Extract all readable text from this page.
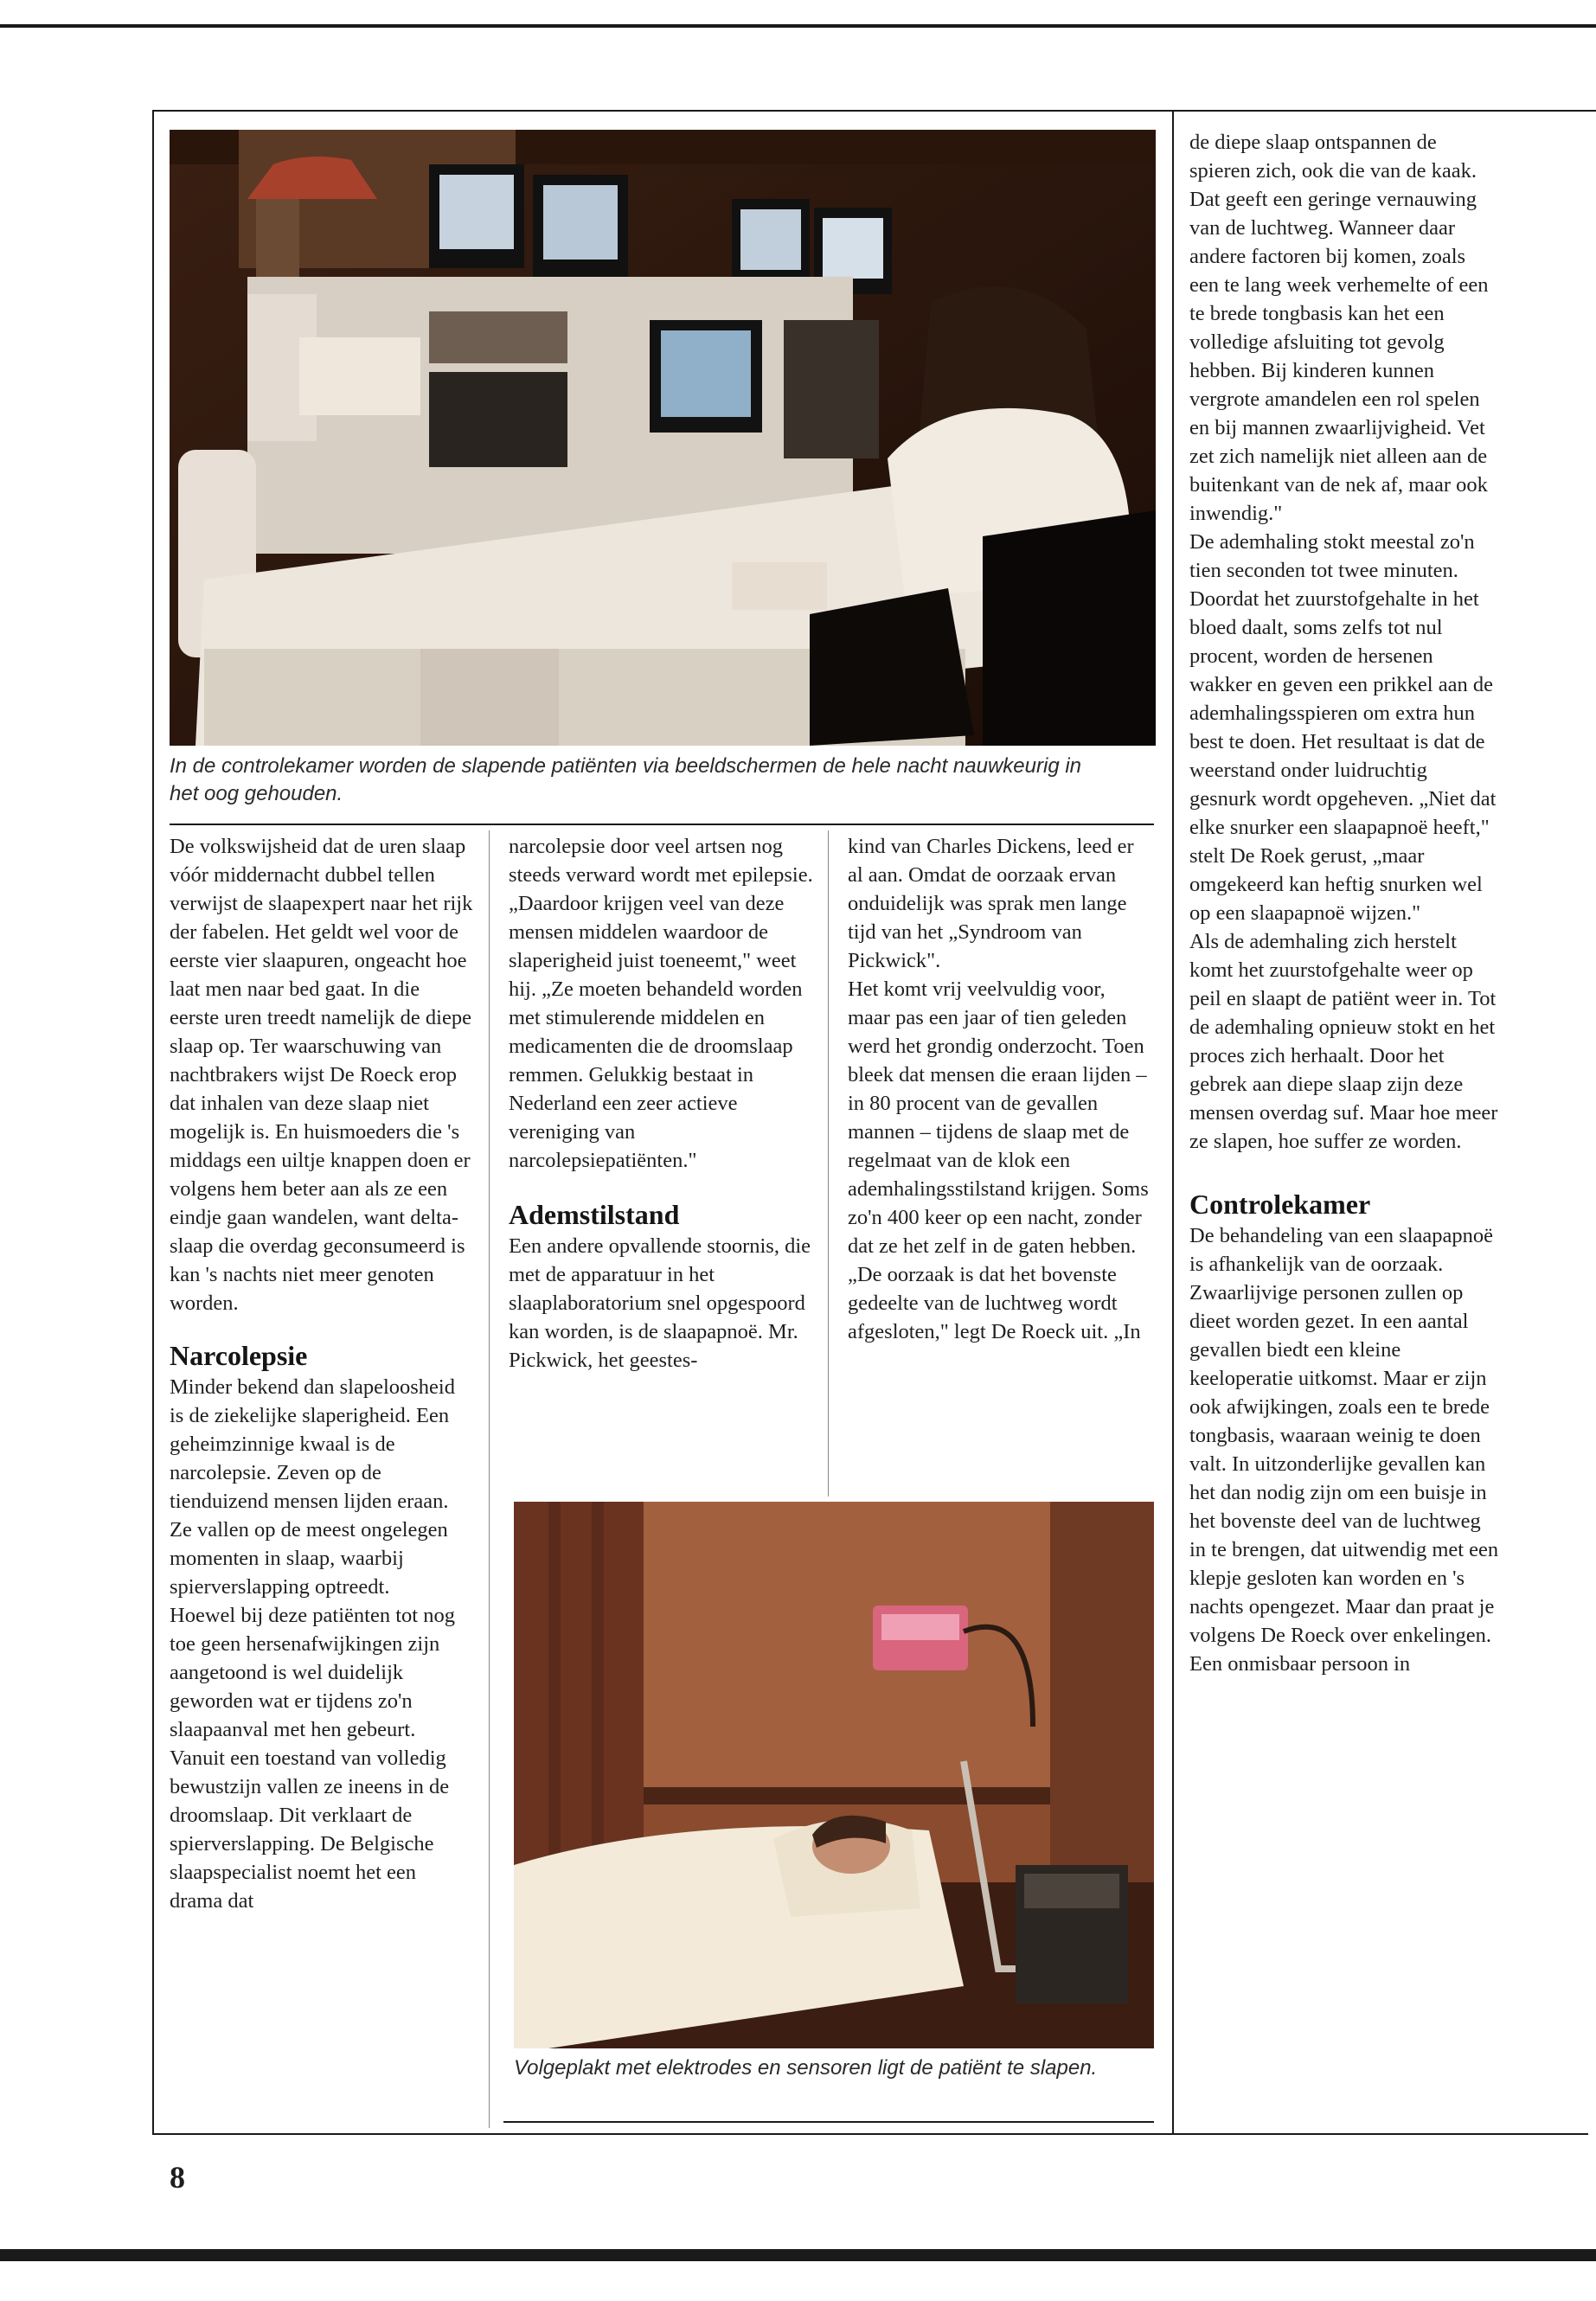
In de controlekamer worden de slapende patiënten via beeldschermen de hele nacht nauwkeurig in het oog gehouden.

De volkswijsheid dat de uren slaap vóór middernacht dubbel tellen verwijst de slaapexpert naar het rijk der fabelen. Het geldt wel voor de eerste vier slaapuren, ongeacht hoe laat men naar bed gaat. In die eerste uren treedt namelijk de diepe slaap op. Ter waarschuwing van nachtbrakers wijst De Roeck erop dat inhalen van deze slaap niet mogelijk is. En huismoeders die 's middags een uiltje knappen doen er volgens hem beter aan als ze een eindje gaan wandelen, want delta-slaap die overdag geconsumeerd is kan 's nachts niet meer genoten worden.

Narcolepsie

Minder bekend dan slapeloosheid is de ziekelijke slaperigheid. Een geheimzinnige kwaal is de narcolepsie. Zeven op de tienduizend mensen lijden eraan. Ze vallen op de meest ongelegen momenten in slaap, waarbij spierverslapping optreedt.

Hoewel bij deze patiënten tot nog toe geen hersenafwijkingen zijn aangetoond is wel duidelijk geworden wat er tijdens zo'n slaapaanval met hen gebeurt. Vanuit een toestand van volledig bewustzijn vallen ze ineens in de droomslaap. Dit verklaart de spierverslapping. De Belgische slaapspecialist noemt het een drama dat

narcolepsie door veel artsen nog steeds verward wordt met epilepsie. „Daardoor krijgen veel van deze mensen middelen waardoor de slaperigheid juist toeneemt," weet hij. „Ze moeten behandeld worden met stimulerende middelen en medicamenten die de droomslaap remmen. Gelukkig bestaat in Nederland een zeer actieve vereniging van narcolepsiepatiënten."

Ademstilstand

Een andere opvallende stoornis, die met de apparatuur in het slaaplaboratorium snel opgespoord kan worden, is de slaapapnoë. Mr. Pickwick, het geestes-

kind van Charles Dickens, leed er al aan. Omdat de oorzaak ervan onduidelijk was sprak men lange tijd van het „Syndroom van Pickwick".

Het komt vrij veelvuldig voor, maar pas een jaar of tien geleden werd het grondig onderzocht. Toen bleek dat mensen die eraan lijden – in 80 procent van de gevallen mannen – tijdens de slaap met de regelmaat van de klok een ademhalingsstilstand krijgen. Soms zo'n 400 keer op een nacht, zonder dat ze het zelf in de gaten hebben.

„De oorzaak is dat het bovenste gedeelte van de luchtweg wordt afgesloten," legt De Roeck uit. „In

Volgeplakt met elektrodes en sensoren ligt de patiënt te slapen.

de diepe slaap ontspannen de spieren zich, ook die van de kaak. Dat geeft een geringe vernauwing van de luchtweg. Wanneer daar andere factoren bij komen, zoals een te lang week verhemelte of een te brede tongbasis kan het een volledige afsluiting tot gevolg hebben. Bij kinderen kunnen vergrote amandelen een rol spelen en bij mannen zwaarlijvigheid. Vet zet zich namelijk niet alleen aan de buitenkant van de nek af, maar ook inwendig."

De ademhaling stokt meestal zo'n tien seconden tot twee minuten. Doordat het zuurstofgehalte in het bloed daalt, soms zelfs tot nul procent, worden de hersenen wakker en geven een prikkel aan de ademhalingsspieren om extra hun best te doen. Het resultaat is dat de weerstand onder luidruchtig gesnurk wordt opgeheven. „Niet dat elke snurker een slaapapnoë heeft," stelt De Roek gerust, „maar omgekeerd kan heftig snurken wel op een slaapapnoë wijzen."

Als de ademhaling zich herstelt komt het zuurstofgehalte weer op peil en slaapt de patiënt weer in. Tot de ademhaling opnieuw stokt en het proces zich herhaalt. Door het gebrek aan diepe slaap zijn deze mensen overdag suf. Maar hoe meer ze slapen, hoe suffer ze worden.

Controlekamer

De behandeling van een slaapapnoë is afhankelijk van de oorzaak. Zwaarlijvige personen zullen op dieet worden gezet. In een aantal gevallen biedt een kleine keeloperatie uitkomst. Maar er zijn ook afwijkingen, zoals een te brede tongbasis, waaraan weinig te doen valt. In uitzonderlijke gevallen kan het dan nodig zijn om een buisje in het bovenste deel van de luchtweg in te brengen, dat uitwendig met een klepje gesloten kan worden en 's nachts opengezet. Maar dan praat je volgens De Roeck over enkelingen.

Een onmisbaar persoon in

8
